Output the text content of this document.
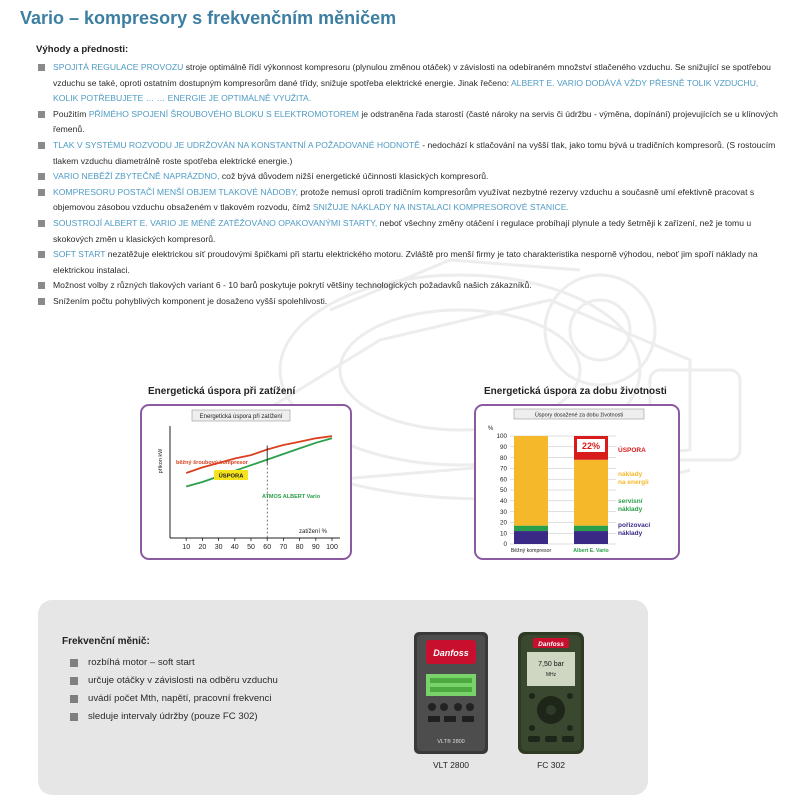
Vario – kompresory s frekvenčním měničem
Výhody a přednosti:
SPOJITÁ REGULACE PROVOZU stroje optimálně řídí výkonnost kompresoru (plynulou změnou otáček) v závislosti na odebíraném množství stlačeného vzduchu. Se snižující se spotřebou vzduchu se také, oproti ostatním dostupným kompresorům dané třídy, snižuje spotřeba elektrické energie. Jinak řečeno: ALBERT E. VARIO DODÁVÁ VŽDY PŘESNĚ TOLIK VZDUCHU, KOLIK POTŘEBUJETE … … ENERGIE JE OPTIMÁLNĚ VYUŽITA.
Použitím PŘÍMÉHO SPOJENÍ ŠROUBOVÉHO BLOKU S ELEKTROMOTOREM je odstraněna řada starostí (časté nároky na servis či údržbu - výměna, dopínání) projevujících se u klínových řemenů.
TLAK V SYSTÉMU ROZVODU JE UDRŽOVÁN NA KONSTANTNÍ A POŽADOVANÉ HODNOTĚ - nedochází k stlačování na vyšší tlak, jako tomu bývá u tradičních kompresorů. (S rostoucím tlakem vzduchu diametrálně roste spotřeba elektrické energie.)
VARIO NEBĚŽÍ ZBYTEČNĚ NAPRÁZDNO, což bývá důvodem nižší energetické účinnosti klasických kompresorů.
KOMPRESORU POSTAČÍ MENŠÍ OBJEM TLAKOVÉ NÁDOBY, protože nemusí oproti tradičním kompresorům využívat nezbytné rezervy vzduchu a současně umí efektivně pracovat s objemovou zásobou vzduchu obsaženém v tlakovém rozvodu, čímž SNIŽUJE NÁKLADY NA INSTALACI KOMPRESOROVÉ STANICE.
SOUSTROJÍ ALBERT E. VARIO JE MÉNĚ ZATĚŽOVÁNO OPAKOVANÝMI STARTY, neboť všechny změny otáčení i regulace probíhají plynule a tedy šetrněji k zařízení, než je tomu u skokových změn u klasických kompresorů.
SOFT START nezatěžuje elektrickou síť proudovými špičkami při startu elektrického motoru. Zvláště pro menší firmy je tato charakteristika nesporně výhodou, neboť jim spoří náklady na elektrickou instalaci.
Možnost volby z různých tlakových variant 6 - 10 barů poskytuje pokrytí většiny technologických požadavků našich zákazníků.
Snížením počtu pohyblivých komponent je dosaženo vyšší spolehlivosti.
Energetická úspora při zatížení
Energetická úspora při zatížení
příkon kW
zatížení %
10 20 30 40 50 60 70 80 90 100
běžný šroubový kompresor
ATMOS ALBERT Vario
ÚSPORA
Energetická úspora za dobu životnosti
Úspory dosažené za dobu životnosti
%
0
10
20
30
40
50
60
70
80
90
100
22%	ÚSPORA
náklady na energii
servisní náklady
pořizovací náklady
Běžný kompresor	Albert E. Vario
Frekvenční měnič:
rozbíhá motor – soft start
určuje otáčky v závislosti na odběru vzduchu
uvádí počet Mth, napětí, pracovní frekvenci
sleduje intervaly údržby (pouze FC 302)
Danfoss
VLT® 2800
VLT 2800
Danfoss
7,50 bar
MHz
FC 302
